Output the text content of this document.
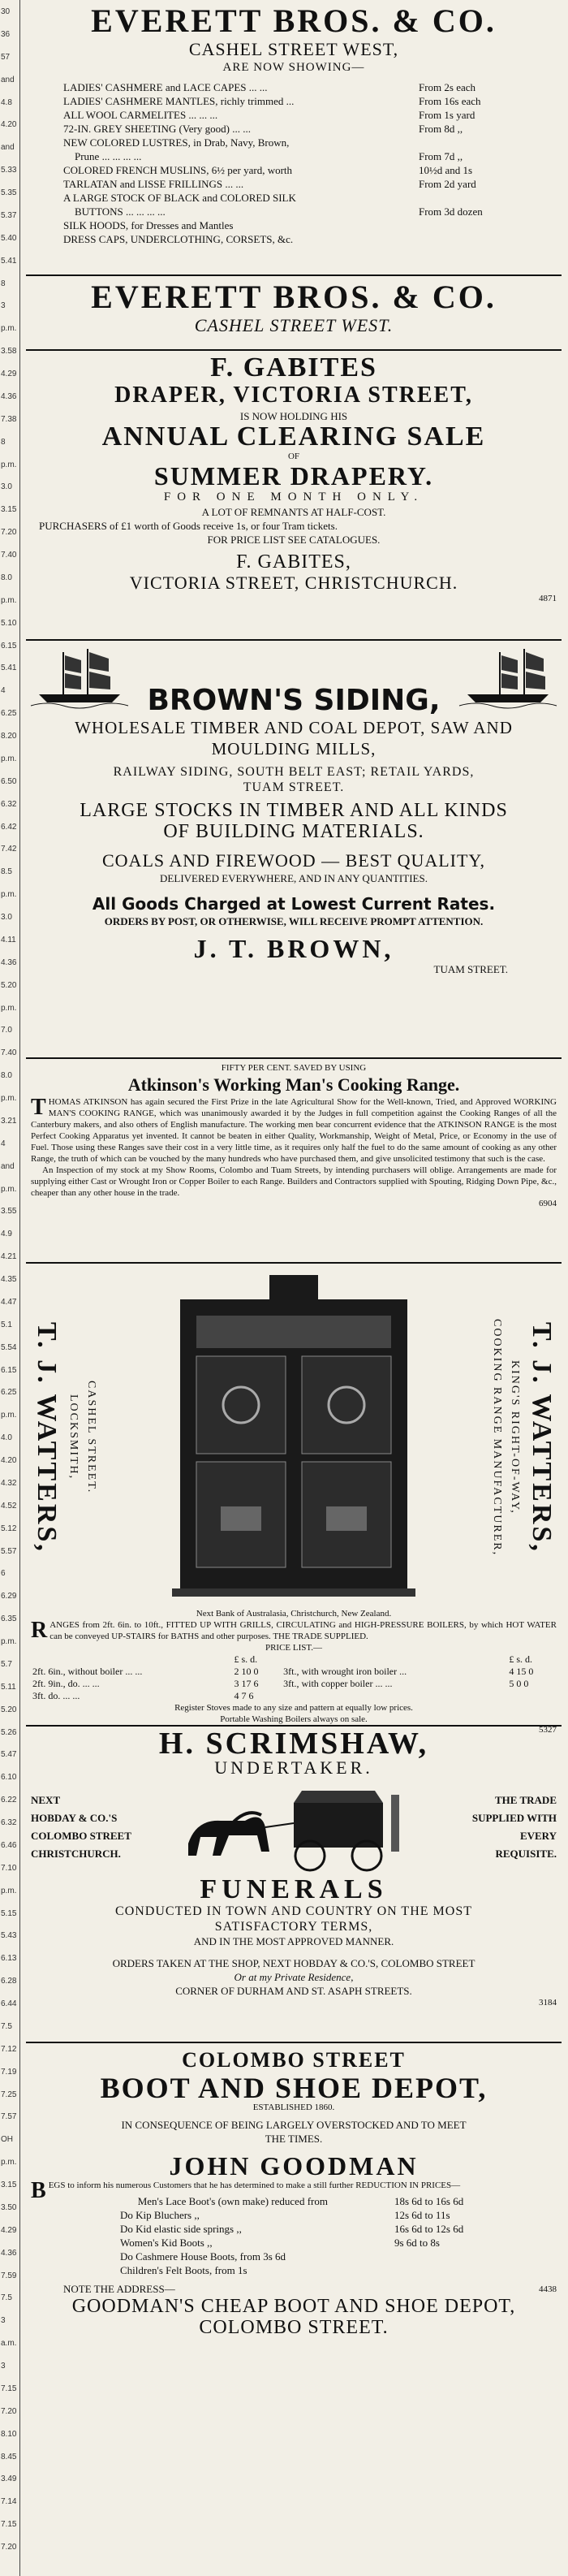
30
36
57
and
4.8
4.20
and
5.33
5.35
5.37
5.40
5.41
8
3
p.m.
3.58
4.29
4.36
7.38
8
p.m.
3.0
3.15
7.20
7.40
8.0
p.m.
5.10
6.15
5.41
4
6.25
8.20
p.m.
6.50
6.32
6.42
7.42
8.5
p.m.
3.0
4.11
4.36
5.20
p.m.
7.0
7.40
8.0
p.m.
3.21
4
and
p.m.
3.55
4.9
4.21
4.35
4.47
5.1
5.54
6.15
6.25
p.m.
4.0
4.20
4.32
4.52
5.12
5.57
6
6.29
6.35
p.m.
5.7
5.11
5.20
5.26
5.47
6.10
6.22
6.32
6.46
7.10
p.m.
5.15
5.43
6.13
6.28
6.44
7.5
7.12
7.19
7.25
7.57
OH
p.m.
3.15
3.50
4.29
4.36
7.59
7.5
3
a.m.
3
7.15
7.20
8.10
8.45
3.49
7.14
7.15
7.20
EVERETT BROS. & CO.
CASHEL STREET WEST,
ARE NOW SHOWING—
LADIES' CASHMERE and LACE CAPES ... ...	From 2s each
LADIES' CASHMERE MANTLES, richly trimmed ...	From 16s each
ALL WOOL CARMELITES ... ... ...	From 1s yard
72-IN. GREY SHEETING (Very good) ... ...	From 8d ,,
NEW COLORED LUSTRES, in Drab, Navy, Brown,
Prune ... ... ... ...	From 7d ,,
COLORED FRENCH MUSLINS, 6½ per yard, worth	10½d and 1s
TARLATAN and LISSE FRILLINGS ... ...	From 2d yard
A LARGE STOCK OF BLACK and COLORED SILK
BUTTONS ... ... ... ...	From 3d dozen
SILK HOODS, for Dresses and Mantles
DRESS CAPS, UNDERCLOTHING, CORSETS, &c.
EVERETT BROS. & CO.
CASHEL STREET WEST.
F. GABITES
DRAPER, VICTORIA STREET,
IS NOW HOLDING HIS
ANNUAL CLEARING SALE
OF
SUMMER DRAPERY.
FOR ONE MONTH ONLY.
A LOT OF REMNANTS AT HALF-COST.
PURCHASERS of £1 worth of Goods receive 1s, or four Tram tickets.
FOR PRICE LIST SEE CATALOGUES.
F. GABITES,
VICTORIA STREET, CHRISTCHURCH.
4871
BROWN'S SIDING,
WHOLESALE TIMBER AND COAL DEPOT, SAW AND
MOULDING MILLS,
RAILWAY SIDING, SOUTH BELT EAST; RETAIL YARDS,
TUAM STREET.
LARGE STOCKS IN TIMBER AND ALL KINDS
OF BUILDING MATERIALS.
COALS AND FIREWOOD — BEST QUALITY,
DELIVERED EVERYWHERE, AND IN ANY QUANTITIES.
All Goods Charged at Lowest Current Rates.
ORDERS BY POST, OR OTHERWISE, WILL RECEIVE PROMPT ATTENTION.
J. T. BROWN,
TUAM STREET.
FIFTY PER CENT. SAVED BY USING
Atkinson's Working Man's Cooking Range.
THOMAS ATKINSON has again secured the First Prize in the late Agricultural Show for the Well-known, Tried, and Approved WORKING MAN'S COOKING RANGE, which was unanimously awarded it by the Judges in full competition against the Cooking Ranges of all the Canterbury makers, and also others of English manufacture. The working men bear concurrent evidence that the ATKINSON RANGE is the most Perfect Cooking Apparatus yet invented. It cannot be beaten in either Quality, Workmanship, Weight of Metal, Price, or Economy in the use of Fuel. Those using these Ranges save their cost in a very little time, as it requires only half the fuel to do the same amount of cooking as any other Range, the truth of which can be vouched by the many hundreds who have purchased them, and give unsolicited testimony that such is the case.
An Inspection of my stock at my Show Rooms, Colombo and Tuam Streets, by intending purchasers will oblige. Arrangements are made for supplying either Cast or Wrought Iron or Copper Boiler to each Range. Builders and Contractors supplied with Spouting, Ridging Down Pipe, &c., cheaper than any other house in the trade.
6904
T. J. WATTERS, LOCKSMITH, CASHEL STREET.	COOKING RANGE MANUFACTURER, KING'S RIGHT-OF-WAY, T. J. WATTERS,
Next Bank of Australasia, Christchurch, New Zealand.
RANGES from 2ft. 6in. to 10ft., FITTED UP WITH GRILLS, CIRCULATING and HIGH-PRESSURE BOILERS, by which HOT WATER can be conveyed UP-STAIRS for BATHS and other purposes. THE TRADE SUPPLIED.
PRICE LIST.—
	£ s. d.		£ s. d.
2ft. 6in., without boiler ... ...	2 10 0	3ft., with wrought iron boiler ...	4 15 0
2ft. 9in., do. ... ...	3 17 6	3ft., with copper boiler ... ...	5 0 0
3ft. do. ... ...	4 7 6		
Register Stoves made to any size and pattern at equally low prices.
Portable Washing Boilers always on sale.
5327
H. SCRIMSHAW,
UNDERTAKER.
NEXT
HOBDAY & CO.'S
COLOMBO STREET
CHRISTCHURCH.
THE TRADE
SUPPLIED WITH
EVERY
REQUISITE.
FUNERALS
CONDUCTED IN TOWN AND COUNTRY ON THE MOST
SATISFACTORY TERMS,
AND IN THE MOST APPROVED MANNER.
ORDERS TAKEN AT THE SHOP, NEXT HOBDAY & CO.'S, COLOMBO STREET
Or at my Private Residence,
CORNER OF DURHAM AND ST. ASAPH STREETS.
3184
COLOMBO STREET
BOOT AND SHOE DEPOT,
ESTABLISHED 1860.
IN CONSEQUENCE OF BEING LARGELY OVERSTOCKED AND TO MEET
THE TIMES.
JOHN GOODMAN
BEGS to inform his numerous Customers that he has determined to make a still further REDUCTION IN PRICES—
Men's Lace Boot's (own make) reduced from	18s 6d to 16s 6d
Do Kip Bluchers ,,	12s 6d to 11s
Do Kid elastic side springs ,,	16s 6d to 12s 6d
Women's Kid Boots ,,	9s 6d to 8s
Do Cashmere House Boots, from 3s 6d
Children's Felt Boots, from 1s
NOTE THE ADDRESS—	4438
GOODMAN'S CHEAP BOOT AND SHOE DEPOT,
COLOMBO STREET.
